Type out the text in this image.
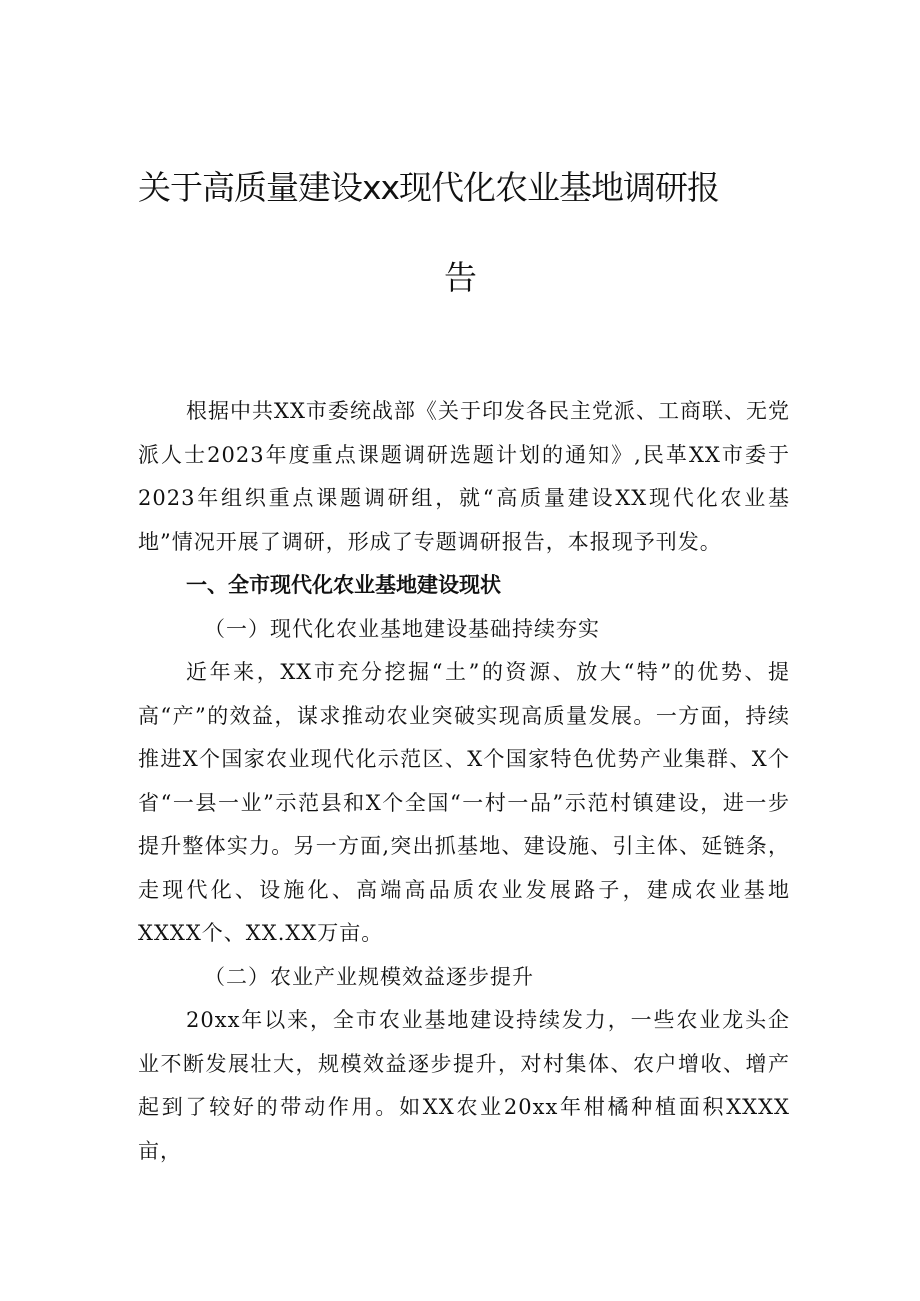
关于高质量建设xx现代化农业基地调研报
告

根据中共XX市委统战部《关于印发各民主党派、工商联、无党派人士2023年度重点课题调研选题计划的通知》,民革XX市委于2023年组织重点课题调研组，就“高质量建设XX现代化农业基地”情况开展了调研，形成了专题调研报告，本报现予刊发。

一、全市现代化农业基地建设现状

（一）现代化农业基地建设基础持续夯实

近年来，XX市充分挖掘“土”的资源、放大“特”的优势、提高“产”的效益，谋求推动农业突破实现高质量发展。一方面，持续推进X个国家农业现代化示范区、X个国家特色优势产业集群、X个省“一县一业”示范县和X个全国“一村一品”示范村镇建设，进一步提升整体实力。另一方面,突出抓基地、建设施、引主体、延链条，走现代化、设施化、高端高品质农业发展路子，建成农业基地XXXX个、XX.XX万亩。

（二）农业产业规模效益逐步提升

20xx年以来，全市农业基地建设持续发力，一些农业龙头企业不断发展壮大，规模效益逐步提升，对村集体、农户增收、增产起到了较好的带动作用。如XX农业20xx年柑橘种植面积XXXX亩，
